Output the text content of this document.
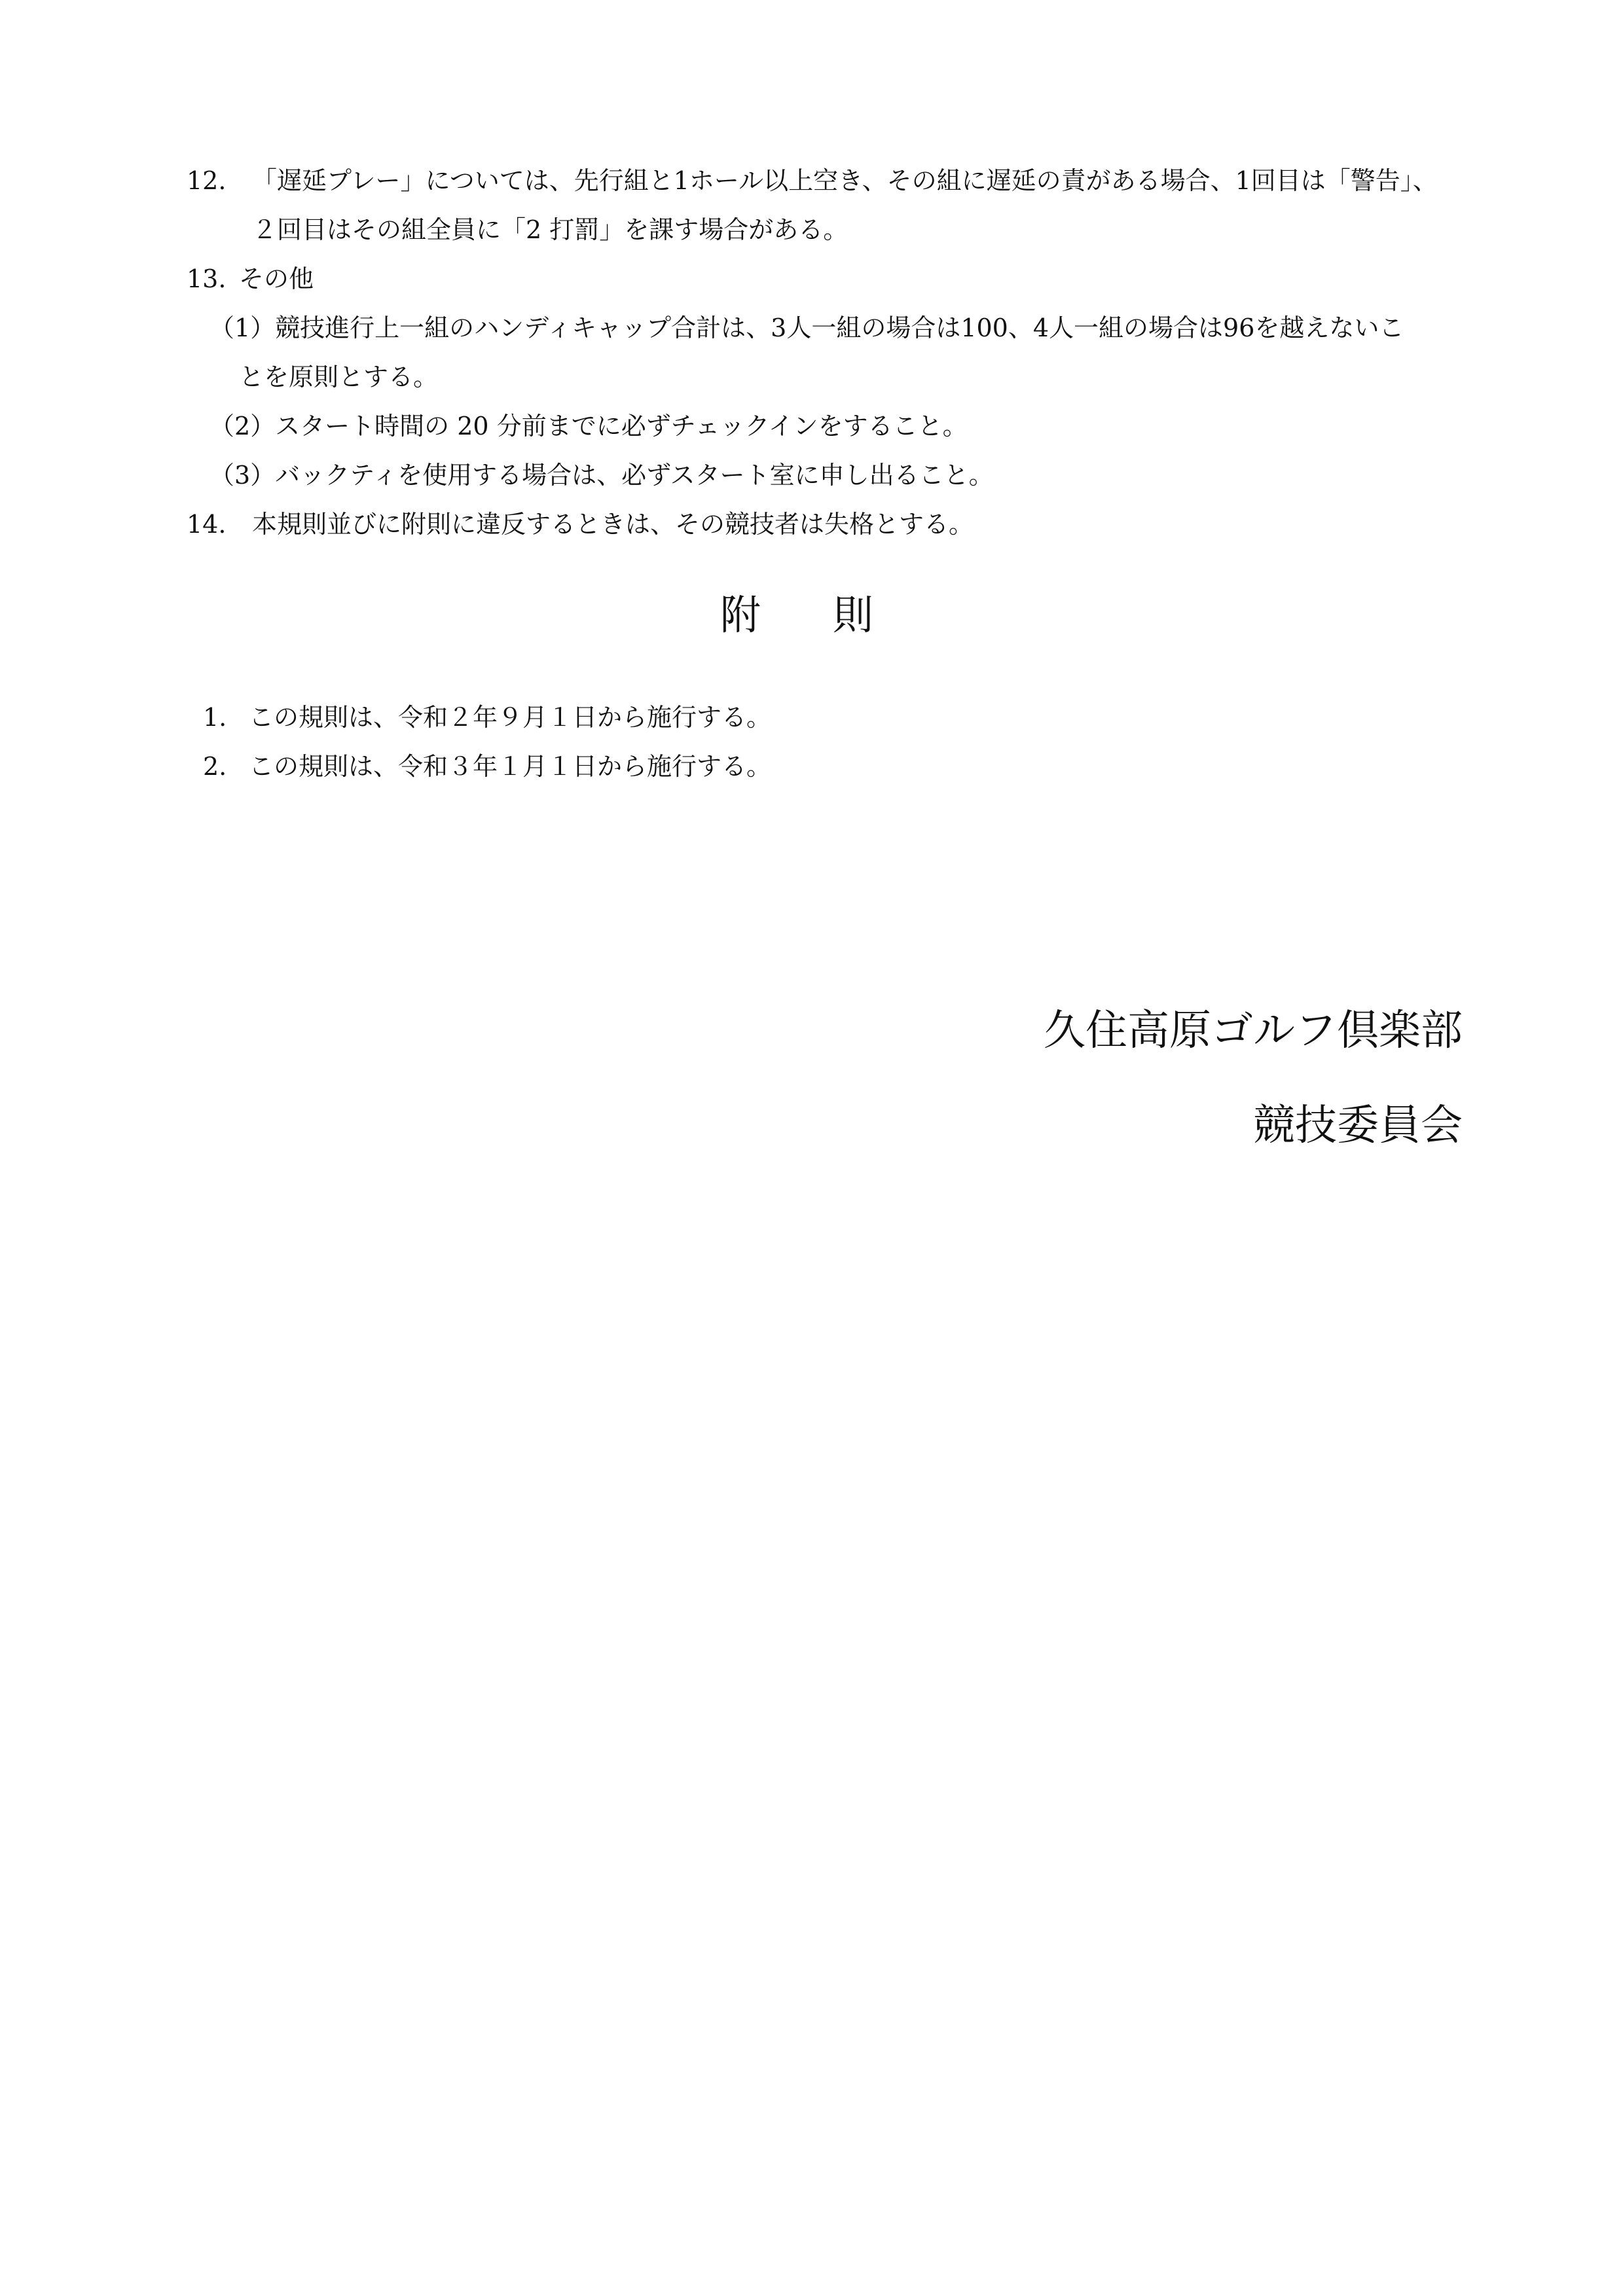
12. 「遅延プレー」については、先行組と1ホール以上空き、その組に遅延の責がある場合、1回目は「警告」、
２回目はその組全員に「2 打罰」を課す場合がある。
13. その他
（1）競技進行上一組のハンディキャップ合計は、3人一組の場合は100、4人一組の場合は96を越えないこ
とを原則とする。
（2）スタート時間の 20 分前までに必ずチェックインをすること。
（3）バックティを使用する場合は、必ずスタート室に申し出ること。
14. 本規則並びに附則に違反するときは、その競技者は失格とする。
附 則
1. この規則は、令和２年９月１日から施行する。
2. この規則は、令和３年１月１日から施行する。
久住高原ゴルフ倶楽部
競技委員会
